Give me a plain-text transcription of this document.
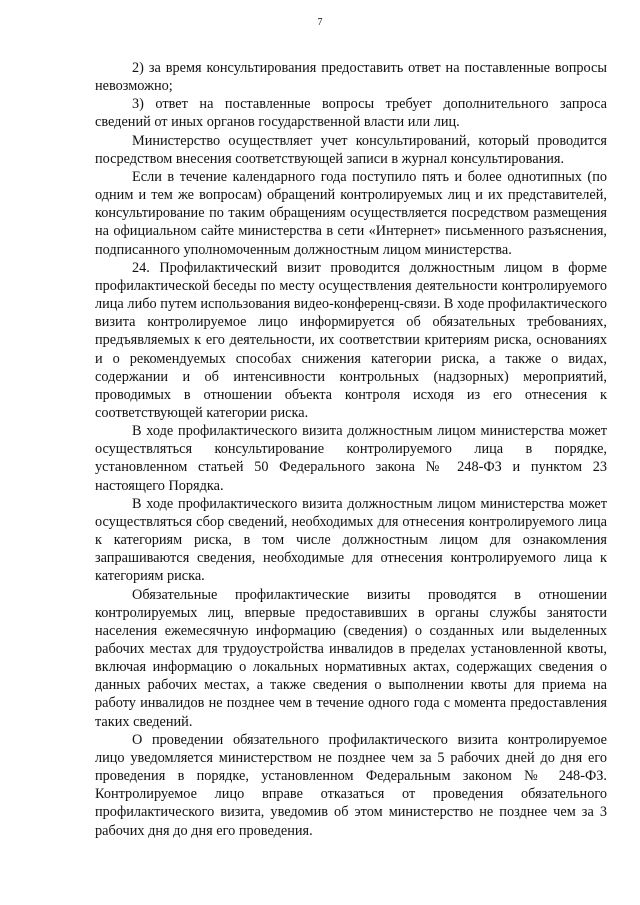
7

2) за время консультирования предоставить ответ на поставленные вопросы невозможно;

3) ответ на поставленные вопросы требует дополнительного запроса сведений от иных органов государственной власти или лиц.

Министерство осуществляет учет консультирований, который проводится посредством внесения соответствующей записи в журнал консультирования.

Если в течение календарного года поступило пять и более однотипных (по одним и тем же вопросам) обращений контролируемых лиц и их представителей, консультирование по таким обращениям осуществляется посредством размещения на официальном сайте министерства в сети «Интернет» письменного разъяснения, подписанного уполномоченным должностным лицом министерства.

24. Профилактический визит проводится должностным лицом в форме профилактической беседы по месту осуществления деятельности контролируемого лица либо путем использования видео-конференц-связи. В ходе профилактического визита контролируемое лицо информируется об обязательных требованиях, предъявляемых к его деятельности, их соответствии критериям риска, основаниях и о рекомендуемых способах снижения категории риска, а также о видах, содержании и об интенсивности контрольных (надзорных) мероприятий, проводимых в отношении объекта контроля исходя из его отнесения к соответствующей категории риска.

В ходе профилактического визита должностным лицом министерства может осуществляться консультирование контролируемого лица в порядке, установленном статьей 50 Федерального закона № 248-ФЗ и пунктом 23 настоящего Порядка.

В ходе профилактического визита должностным лицом министерства может осуществляться сбор сведений, необходимых для отнесения контролируемого лица к категориям риска, в том числе должностным лицом для ознакомления запрашиваются сведения, необходимые для отнесения контролируемого лица к категориям риска.

Обязательные профилактические визиты проводятся в отношении контролируемых лиц, впервые предоставивших в органы службы занятости населения ежемесячную информацию (сведения) о созданных или выделенных рабочих местах для трудоустройства инвалидов в пределах установленной квоты, включая информацию о локальных нормативных актах, содержащих сведения о данных рабочих местах, а также сведения о выполнении квоты для приема на работу инвалидов не позднее чем в течение одного года с момента предоставления таких сведений.

О проведении обязательного профилактического визита контролируемое лицо уведомляется министерством не позднее чем за 5 рабочих дней до дня его проведения в порядке, установленном Федеральным законом № 248-ФЗ. Контролируемое лицо вправе отказаться от проведения обязательного профилактического визита, уведомив об этом министерство не позднее чем за 3 рабочих дня до дня его проведения.
